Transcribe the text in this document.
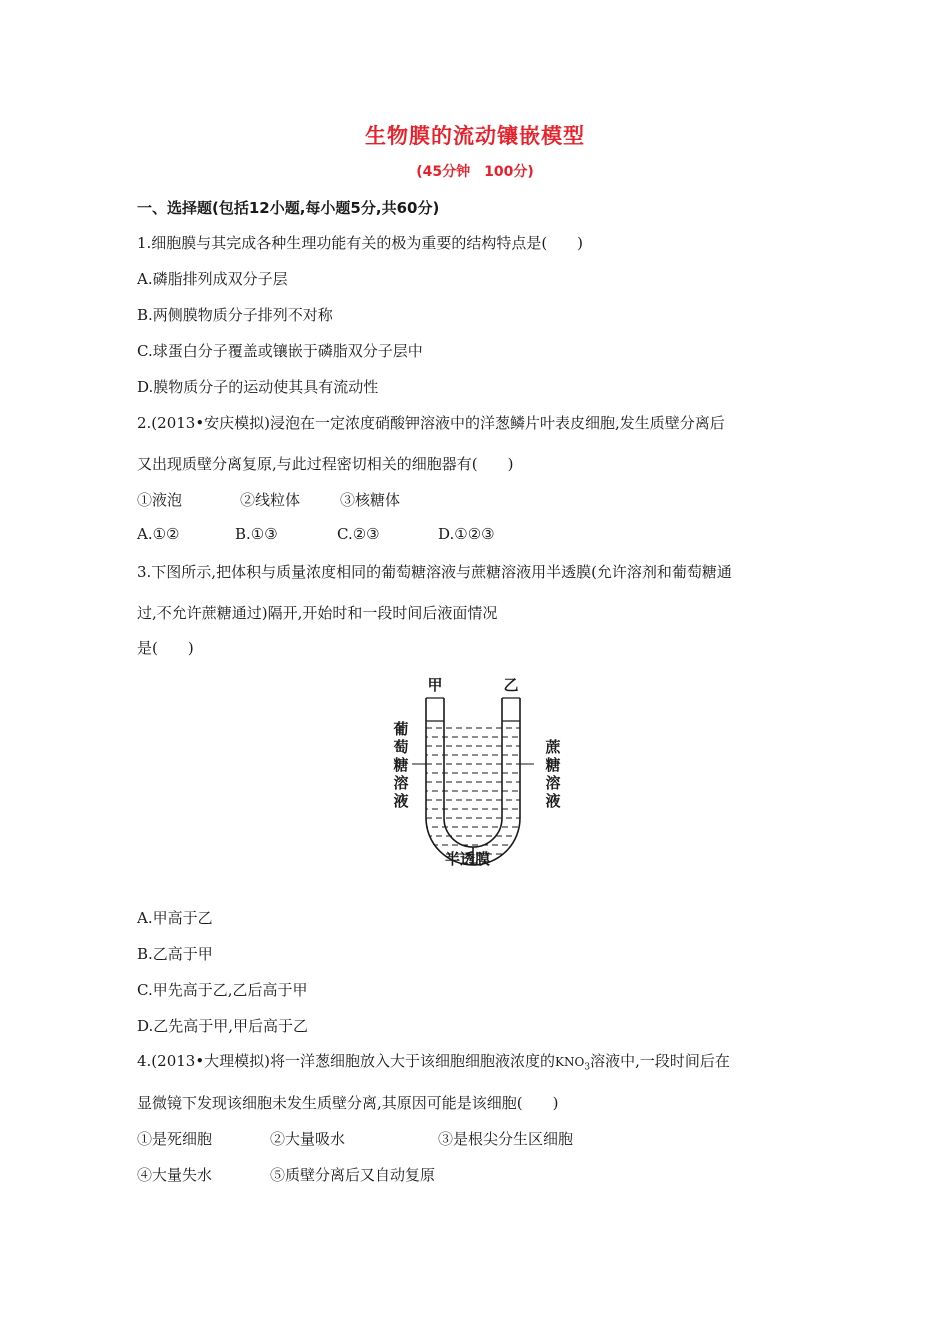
生物膜的流动镶嵌模型
(45分钟　100分)
一、选择题(包括12小题,每小题5分,共60分)
1.细胞膜与其完成各种生理功能有关的极为重要的结构特点是(　　)
A.磷脂排列成双分子层
B.两侧膜物质分子排列不对称
C.球蛋白分子覆盖或镶嵌于磷脂双分子层中
D.膜物质分子的运动使其具有流动性
2.(2013•安庆模拟)浸泡在一定浓度硝酸钾溶液中的洋葱鳞片叶表皮细胞,发生质壁分离后
又出现质壁分离复原,与此过程密切相关的细胞器有(　　)
①液泡	②线粒体	③核糖体
A.①②	B.①③	C.②③	D.①②③
3.下图所示,把体积与质量浓度相同的葡萄糖溶液与蔗糖溶液用半透膜(允许溶剂和葡萄糖通
过,不允许蔗糖通过)隔开,开始时和一段时间后液面情况
是(　　)
甲	乙
葡
萄
糖
溶
液
蔗
糖
溶
液
半透膜
A.甲高于乙
B.乙高于甲
C.甲先高于乙,乙后高于甲
D.乙先高于甲,甲后高于乙
4.(2013•大理模拟)将一洋葱细胞放入大于该细胞细胞液浓度的$KNO_3$溶液中,一段时间后在
显微镜下发现该细胞未发生质壁分离,其原因可能是该细胞(　　)
①是死细胞	②大量吸水	③是根尖分生区细胞
④大量失水	⑤质壁分离后又自动复原
